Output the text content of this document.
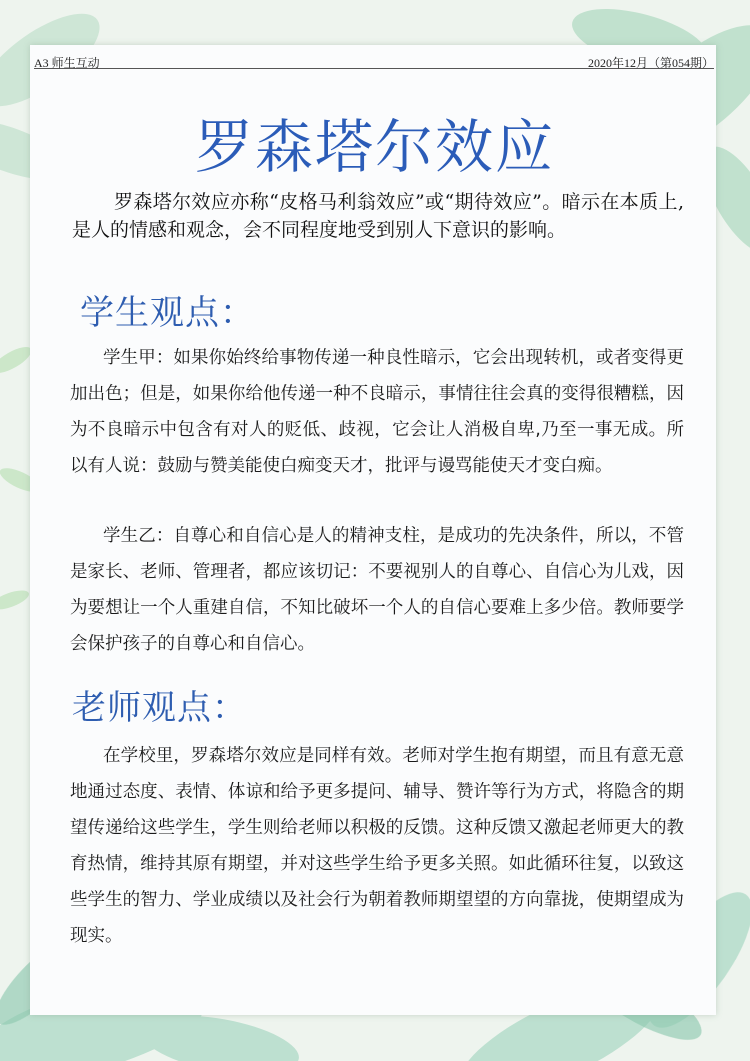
A3 师生互动	2020年12月（第054期）
罗森塔尔效应

罗森塔尔效应亦称“皮格马利翁效应”或“期待效应”。暗示在本质上,是人的情感和观念，会不同程度地受到别人下意识的影响。

学生观点：

学生甲：如果你始终给事物传递一种良性暗示，它会出现转机，或者变得更加出色；但是，如果你给他传递一种不良暗示，事情往往会真的变得很糟糕，因为不良暗示中包含有对人的贬低、歧视，它会让人消极自卑,乃至一事无成。所以有人说：鼓励与赞美能使白痴变天才，批评与谩骂能使天才变白痴。

学生乙：自尊心和自信心是人的精神支柱，是成功的先决条件，所以，不管是家长、老师、管理者，都应该切记：不要视别人的自尊心、自信心为儿戏，因为要想让一个人重建自信，不知比破坏一个人的自信心要难上多少倍。教师要学会保护孩子的自尊心和自信心。

老师观点：

在学校里，罗森塔尔效应是同样有效。老师对学生抱有期望，而且有意无意地通过态度、表情、体谅和给予更多提问、辅导、赞许等行为方式，将隐含的期望传递给这些学生，学生则给老师以积极的反馈。这种反馈又激起老师更大的教育热情，维持其原有期望，并对这些学生给予更多关照。如此循环往复，以致这些学生的智力、学业成绩以及社会行为朝着教师期望望的方向靠拢，使期望成为现实。
